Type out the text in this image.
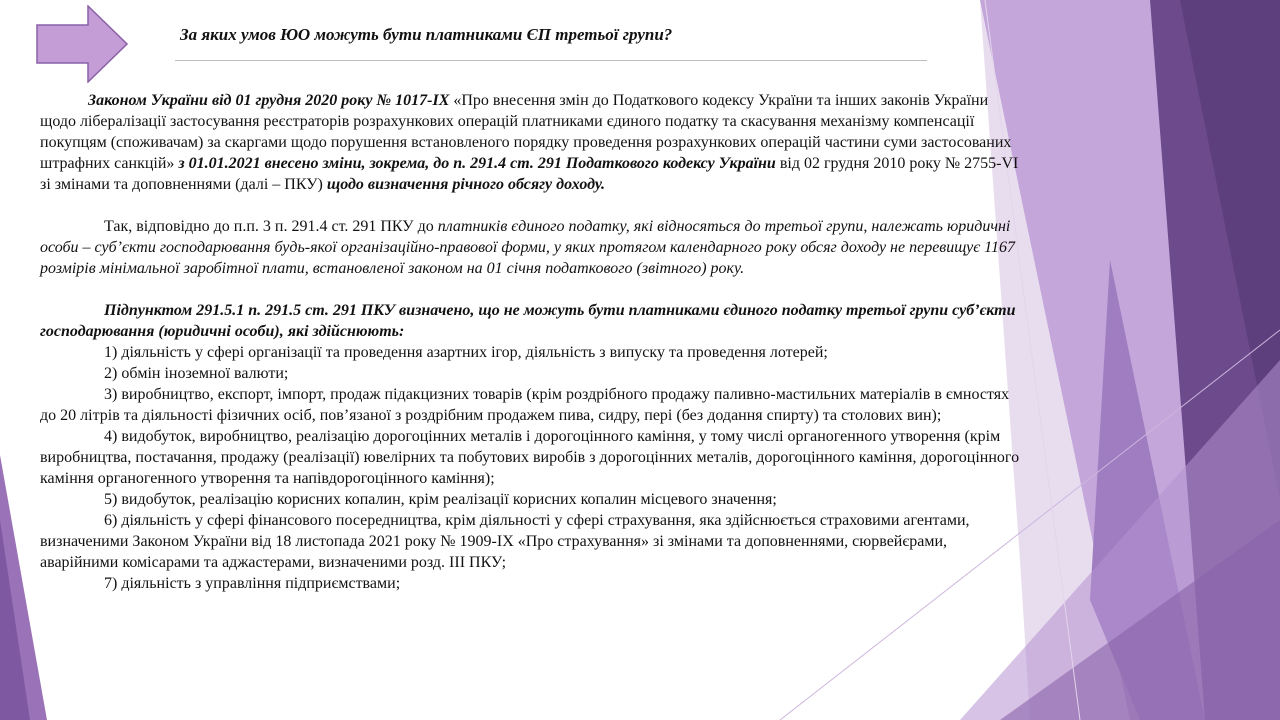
За яких умов ЮО можуть бути платниками ЄП третьої групи?

Законом України від 01 грудня 2020 року № 1017-ІХ «Про внесення змін до Податкового кодексу України та інших законів України щодо лібералізації застосування реєстраторів розрахункових операцій платниками єдиного податку та скасування механізму компенсації покупцям (споживачам) за скаргами щодо порушення встановленого порядку проведення розрахункових операцій частини суми застосованих штрафних санкцій» з 01.01.2021 внесено зміни, зокрема, до п. 291.4 ст. 291 Податкового кодексу України від 02 грудня 2010 року № 2755-VI зі змінами та доповненнями (далі – ПКУ) щодо визначення річного обсягу доходу.

Так, відповідно до п.п. 3 п. 291.4 ст. 291 ПКУ до платників єдиного податку, які відносяться до третьої групи, належать юридичні особи – суб’єкти господарювання будь-якої організаційно-правової форми, у яких протягом календарного року обсяг доходу не перевищує 1167 розмірів мінімальної заробітної плати, встановленої законом на 01 січня податкового (звітного) року.

Підпунктом 291.5.1 п. 291.5 ст. 291 ПКУ визначено, що не можуть бути платниками єдиного податку третьої групи суб’єкти господарювання (юридичні особи), які здійснюють:

1) діяльність у сфері організації та проведення азартних ігор, діяльність з випуску та проведення лотерей;

2) обмін іноземної валюти;

3) виробництво, експорт, імпорт, продаж підакцизних товарів (крім роздрібного продажу паливно-мастильних матеріалів в ємностях до 20 літрів та діяльності фізичних осіб, пов’язаної з роздрібним продажем пива, сидру, пері (без додання спирту) та столових вин);

4) видобуток, виробництво, реалізацію дорогоцінних металів і дорогоцінного каміння, у тому числі органогенного утворення (крім виробництва, постачання, продажу (реалізації) ювелірних та побутових виробів з дорогоцінних металів, дорогоцінного каміння, дорогоцінного каміння органогенного утворення та напівдорогоцінного каміння);

5) видобуток, реалізацію корисних копалин, крім реалізації корисних копалин місцевого значення;

6) діяльність у сфері фінансового посередництва, крім діяльності у сфері страхування, яка здійснюється страховими агентами, визначеними Законом України від 18 листопада 2021 року № 1909-IX «Про страхування» зі змінами та доповненнями, сюрвейєрами, аварійними комісарами та аджастерами, визначеними розд. ІІІ ПКУ;

7) діяльність з управління підприємствами;
